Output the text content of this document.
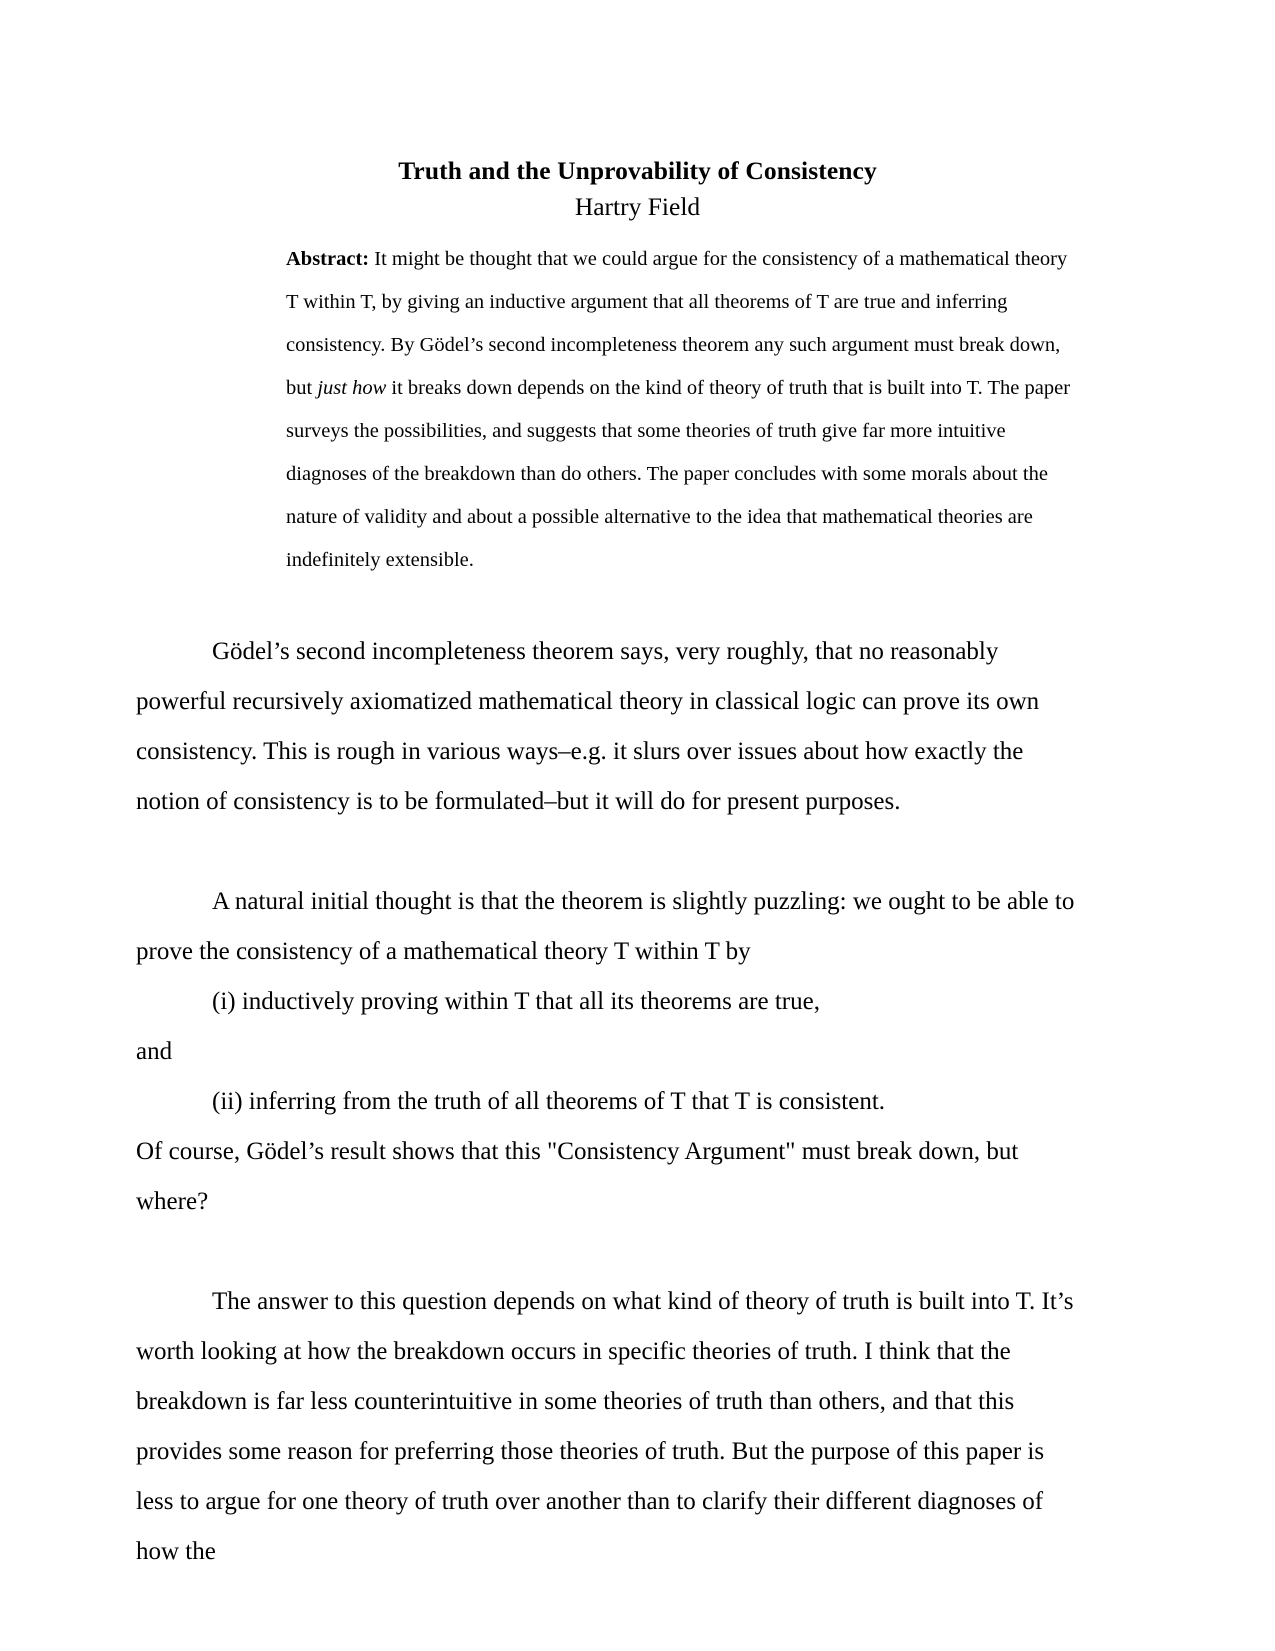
Truth and the Unprovability of Consistency
Hartry Field
Abstract: It might be thought that we could argue for the consistency of a mathematical theory T within T, by giving an inductive argument that all theorems of T are true and inferring consistency. By Gödel’s second incompleteness theorem any such argument must break down, but just how it breaks down depends on the kind of theory of truth that is built into T. The paper surveys the possibilities, and suggests that some theories of truth give far more intuitive diagnoses of the breakdown than do others. The paper concludes with some morals about the nature of validity and about a possible alternative to the idea that mathematical theories are indefinitely extensible.

Gödel’s second incompleteness theorem says, very roughly, that no reasonably powerful recursively axiomatized mathematical theory in classical logic can prove its own consistency. This is rough in various ways‒e.g. it slurs over issues about how exactly the notion of consistency is to be formulated‒but it will do for present purposes.

A natural initial thought is that the theorem is slightly puzzling: we ought to be able to prove the consistency of a mathematical theory T within T by

(i) inductively proving within T that all its theorems are true,

and

(ii) inferring from the truth of all theorems of T that T is consistent.

Of course, Gödel’s result shows that this "Consistency Argument" must break down, but where?

The answer to this question depends on what kind of theory of truth is built into T. It’s worth looking at how the breakdown occurs in specific theories of truth. I think that the breakdown is far less counterintuitive in some theories of truth than others, and that this provides some reason for preferring those theories of truth. But the purpose of this paper is less to argue for one theory of truth over another than to clarify their different diagnoses of how the
